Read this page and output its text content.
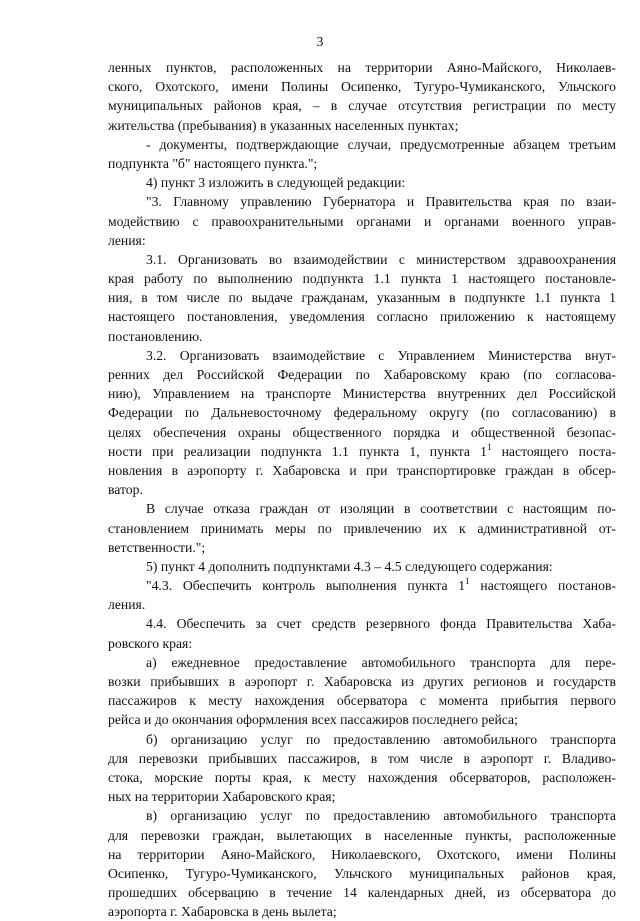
3
ленных пунктов, расположенных на территории Аяно-Майского, Николаев-
ского, Охотского, имени Полины Осипенко, Тугуро-Чумиканского, Ульчского
муниципальных районов края, – в случае отсутствия регистрации по месту
жительства (пребывания) в указанных населенных пунктах;
- документы, подтверждающие случаи, предусмотренные абзацем третьим
подпункта "б" настоящего пункта.";
4) пункт 3 изложить в следующей редакции:
"3. Главному управлению Губернатора и Правительства края по взаи-
модействию с правоохранительными органами и органами военного управ-
ления:
3.1. Организовать во взаимодействии с министерством здравоохранения
края работу по выполнению подпункта 1.1 пункта 1 настоящего постановле-
ния, в том числе по выдаче гражданам, указанным в подпункте 1.1 пункта 1
настоящего постановления, уведомления согласно приложению к настоящему
постановлению.
3.2. Организовать взаимодействие с Управлением Министерства внут-
ренних дел Российской Федерации по Хабаровскому краю (по согласова-
нию), Управлением на транспорте Министерства внутренних дел Российской
Федерации по Дальневосточному федеральному округу (по согласованию) в
целях обеспечения охраны общественного порядка и общественной безопас-
ности при реализации подпункта 1.1 пункта 1, пункта $1^1$ настоящего поста-
новления в аэропорту г. Хабаровска и при транспортировке граждан в обсер-
ватор.
В случае отказа граждан от изоляции в соответствии с настоящим по-
становлением принимать меры по привлечению их к административной от-
ветственности.";
5) пункт 4 дополнить подпунктами 4.3 – 4.5 следующего содержания:
"4.3. Обеспечить контроль выполнения пункта $1^1$ настоящего постанов-
ления.
4.4. Обеспечить за счет средств резервного фонда Правительства Хаба-
ровского края:
а) ежедневное предоставление автомобильного транспорта для пере-
возки прибывших в аэропорт г. Хабаровска из других регионов и государств
пассажиров к месту нахождения обсерватора с момента прибытия первого
рейса и до окончания оформления всех пассажиров последнего рейса;
б) организацию услуг по предоставлению автомобильного транспорта
для перевозки прибывших пассажиров, в том числе в аэропорт г. Владиво-
стока, морские порты края, к месту нахождения обсерваторов, расположен-
ных на территории Хабаровского края;
в) организацию услуг по предоставлению автомобильного транспорта
для перевозки граждан, вылетающих в населенные пункты, расположенные
на территории Аяно-Майского, Николаевского, Охотского, имени Полины
Осипенко, Тугуро-Чумиканского, Ульчского муниципальных районов края,
прошедших обсервацию в течение 14 календарных дней, из обсерватора до
аэропорта г. Хабаровска в день вылета;
